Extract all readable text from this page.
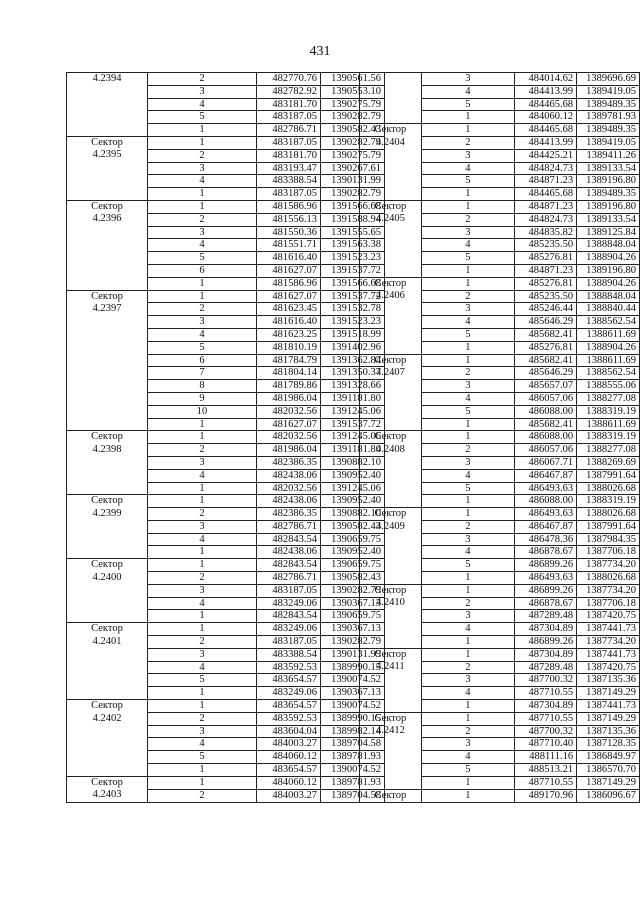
431
4.2394	2	482770.76	1390561.56
	3	482782.92	1390553.10
	4	483181.70	1390275.79
	5	483187.05	1390282.79
	1	482786.71	1390582.43
Сектор
4.2395	1	483187.05	1390282.79
	2	483181.70	1390275.79
	3	483193.47	1390267.61
	4	483388.54	1390131.99
	1	483187.05	1390282.79
Сектор
4.2396	1	481586.96	1391566.68
	2	481556.13	1391588.94
	3	481550.36	1391555.65
	4	481551.71	1391563.38
	5	481616.40	1391523.23
	6	481627.07	1391537.72
	1	481586.96	1391566.68
Сектор
4.2397	1	481627.07	1391537.72
	2	481623.45	1391532.78
	3	481616.40	1391523.23
	4	481623.25	1391518.99
	5	481810.19	1391402.96
	6	481784.79	1391362.84
	7	481804.14	1391350.37
	8	481789.86	1391328.66
	9	481986.04	1391181.80
	10	482032.56	1391245.06
	1	481627.07	1391537.72
Сектор
4.2398	1	482032.56	1391245.06
	2	481986.04	1391181.80
	3	482386.35	1390882.10
	4	482438.06	1390952.40
	1	482032.56	1391245.06
Сектор
4.2399	1	482438.06	1390952.40
	2	482386.35	1390882.10
	3	482786.71	1390582.43
	4	482843.54	1390659.75
	1	482438.06	1390952.40
Сектор
4.2400	1	482843.54	1390659.75
	2	482786.71	1390582.43
	3	483187.05	1390282.79
	4	483249.06	1390367.13
	1	482843.54	1390659.75
Сектор
4.2401	1	483249.06	1390367.13
	2	483187.05	1390282.79
	3	483388.54	1390131.99
	4	483592.53	1389990.15
	5	483654.57	1390074.52
	1	483249.06	1390367.13
Сектор
4.2402	1	483654.57	1390074.52
	2	483592.53	1389990.15
	3	483604.04	1389982.14
	4	484003.27	1389704.58
	5	484060.12	1389781.93
	1	483654.57	1390074.52
Сектор
4.2403	1	484060.12	1389781.93
	2	484003.27	1389704.58
	3	484014.62	1389696.69
	4	484413.99	1389419.05
	5	484465.68	1389489.35
	1	484060.12	1389781.93
Сектор
4.2404	1	484465.68	1389489.35
	2	484413.99	1389419.05
	3	484425.21	1389411.26
	4	484824.73	1389133.54
	5	484871.23	1389196.80
	1	484465.68	1389489.35
Сектор
4.2405	1	484871.23	1389196.80
	2	484824.73	1389133.54
	3	484835.82	1389125.84
	4	485235.50	1388848.04
	5	485276.81	1388904.26
	1	484871.23	1389196.80
Сектор
4.2406	1	485276.81	1388904.26
	2	485235.50	1388848.04
	3	485246.44	1388840.44
	4	485646.29	1388562.54
	5	485682.41	1388611.69
	1	485276.81	1388904.26
Сектор
4.2407	1	485682.41	1388611.69
	2	485646.29	1388562.54
	3	485657.07	1388555.06
	4	486057.06	1388277.08
	5	486088.00	1388319.19
	1	485682.41	1388611.69
Сектор
4.2408	1	486088.00	1388319.19
	2	486057.06	1388277.08
	3	486067.71	1388269.69
	4	486467.87	1387991.64
	5	486493.63	1388026.68
	1	486088.00	1388319.19
Сектор
4.2409	1	486493.63	1388026.68
	2	486467.87	1387991.64
	3	486478.36	1387984.35
	4	486878.67	1387706.18
	5	486899.26	1387734.20
	1	486493.63	1388026.68
Сектор
4.2410	1	486899.26	1387734.20
	2	486878.67	1387706.18
	3	487289.48	1387420.75
	4	487304.89	1387441.73
	1	486899.26	1387734.20
Сектор
4.2411	1	487304.89	1387441.73
	2	487289.48	1387420.75
	3	487700.32	1387135.36
	4	487710.55	1387149.29
	1	487304.89	1387441.73
Сектор
4.2412	1	487710.55	1387149.29
	2	487700.32	1387135.36
	3	487710.40	1387128.35
	4	488111.16	1386849.97
	5	488513.21	1386570.70
	1	487710.55	1387149.29
Сектор	1	489170.96	1386096.67
